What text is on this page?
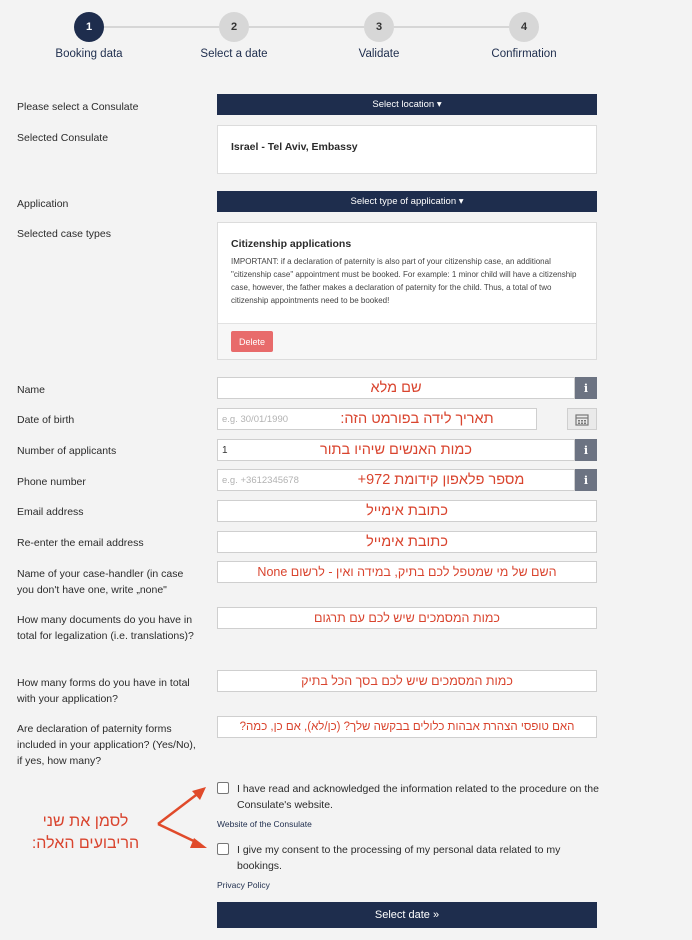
1	2	3	4
Booking data	Select a date	Validate	Confirmation
Please select a Consulate	Select location ▾
Selected Consulate
Israel - Tel Aviv, Embassy
Application	Select type of application ▾
Selected case types
Citizenship applications
IMPORTANT: if a declaration of paternity is also part of your citizenship case, an additional "citizenship case" appointment must be booked. For example: 1 minor child will have a citizenship case, however, the father makes a declaration of paternity for the child. Thus, a total of two citizenship appointments need to be booked!
Delete
Name	שם מלא	i
Date of birth	e.g. 30/01/1990	תאריך לידה בפורמט הזה:
Number of applicants	1	כמות האנשים שיהיו בתור	i
Phone number	e.g. +3612345678	מספר פלאפון קידומת 972+	i
Email address	כתובת אימייל
Re-enter the email address	כתובת אימייל
Name of your case-handler (in case you don't have one, write „none"
השם של מי שמטפל לכם בתיק, במידה ואין - לרשום None
How many documents do you have in total for legalization (i.e. translations)?
כמות המסמכים שיש לכם עם תרגום
How many forms do you have in total with your application?
כמות המסמכים שיש לכם בסך הכל בתיק
Are declaration of paternity forms included in your application? (Yes/No), if yes, how many?
האם טופסי הצהרת אבהות כלולים בבקשה שלך? (כן/לא), אם כן, כמה?
I have read and acknowledged the information related to the procedure on the Consulate's website.
Website of the Consulate
I give my consent to the processing of my personal data related to my bookings.
Privacy Policy
לסמן את שני הריבועים האלה:
Select date »
